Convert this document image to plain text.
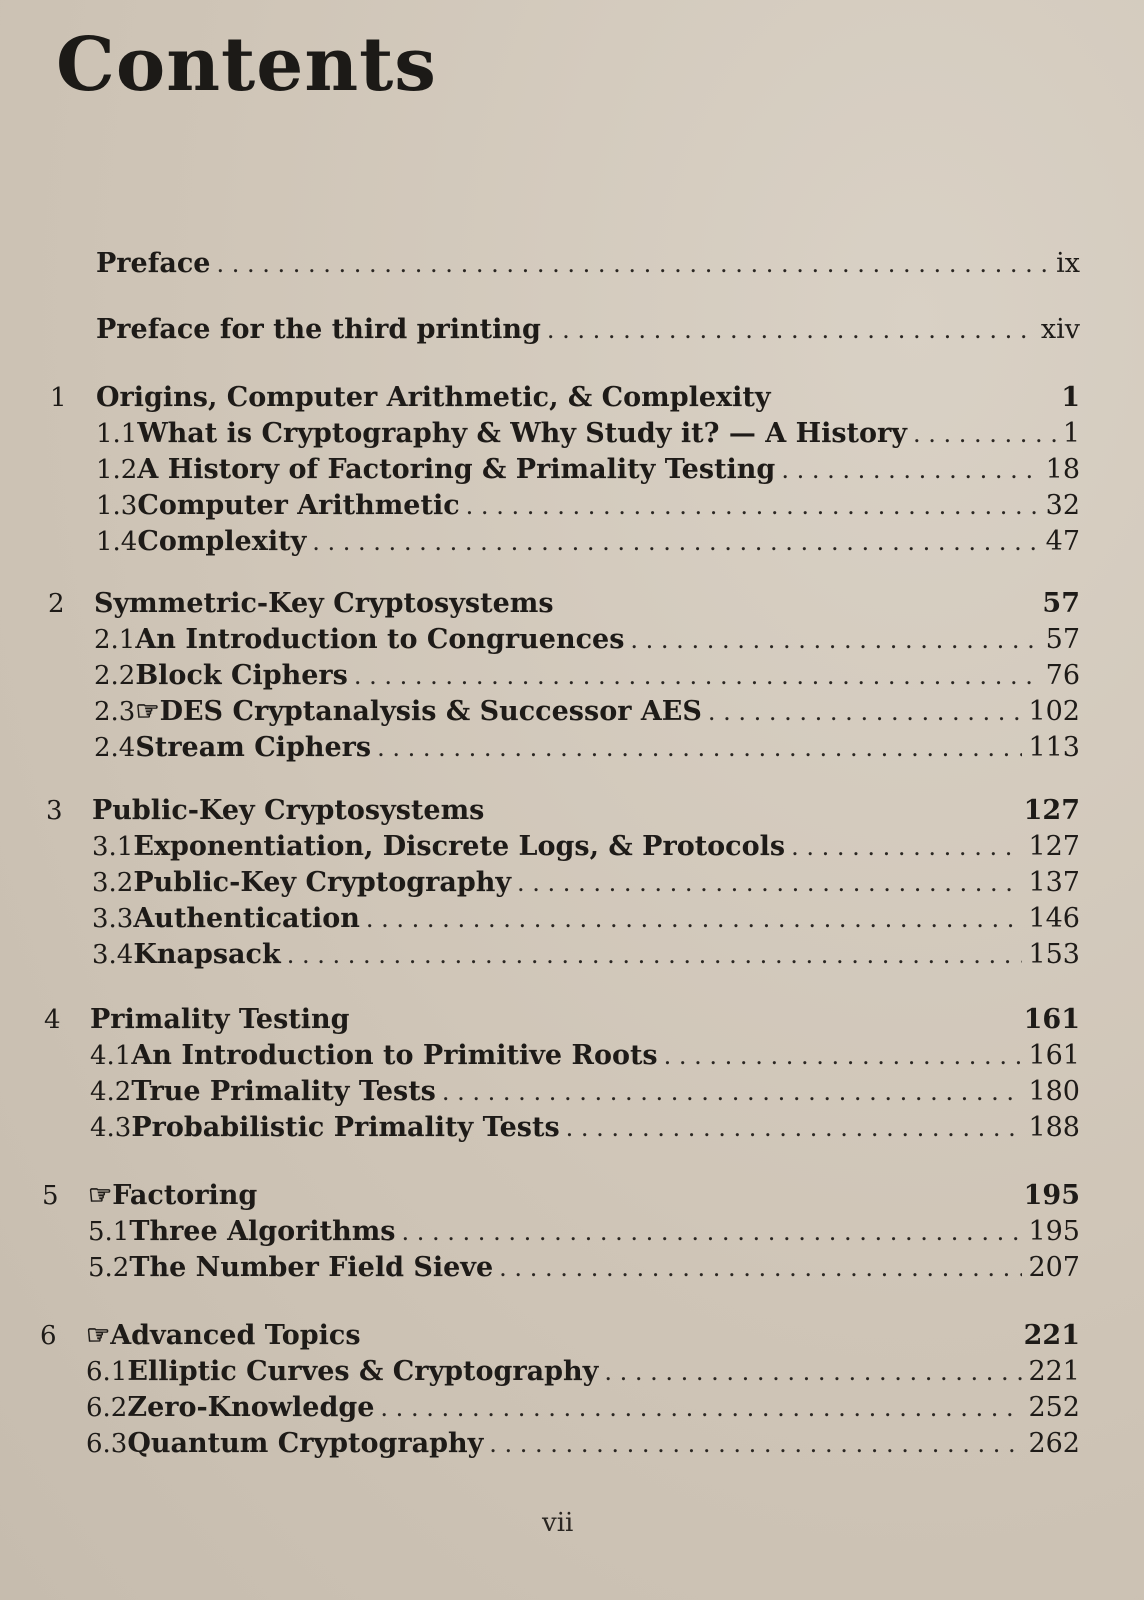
Contents
Preface . . .	ix
Preface for the third printing . . .	xiv
1	Origins, Computer Arithmetic, & Complexity	1
1.1 What is Cryptography & Why Study it? — A History . . .	1
1.2 A History of Factoring & Primality Testing . . .	18
1.3 Computer Arithmetic . . .	32
1.4 Complexity . . .	47
2	Symmetric-Key Cryptosystems	57
2.1 An Introduction to Congruences . . .	57
2.2 Block Ciphers . . .	76
2.3 ☞DES Cryptanalysis & Successor AES . . .	102
2.4 Stream Ciphers . . .	113
3	Public-Key Cryptosystems	127
3.1 Exponentiation, Discrete Logs, & Protocols . . .	127
3.2 Public-Key Cryptography . . .	137
3.3 Authentication . . .	146
3.4 Knapsack . . .	153
4	Primality Testing	161
4.1 An Introduction to Primitive Roots . . .	161
4.2 True Primality Tests . . .	180
4.3 Probabilistic Primality Tests . . .	188
5	☞Factoring	195
5.1 Three Algorithms . . .	195
5.2 The Number Field Sieve . . .	207
6	☞Advanced Topics	221
6.1 Elliptic Curves & Cryptography . . .	221
6.2 Zero-Knowledge . . .	252
6.3 Quantum Cryptography . . .	262
vii
